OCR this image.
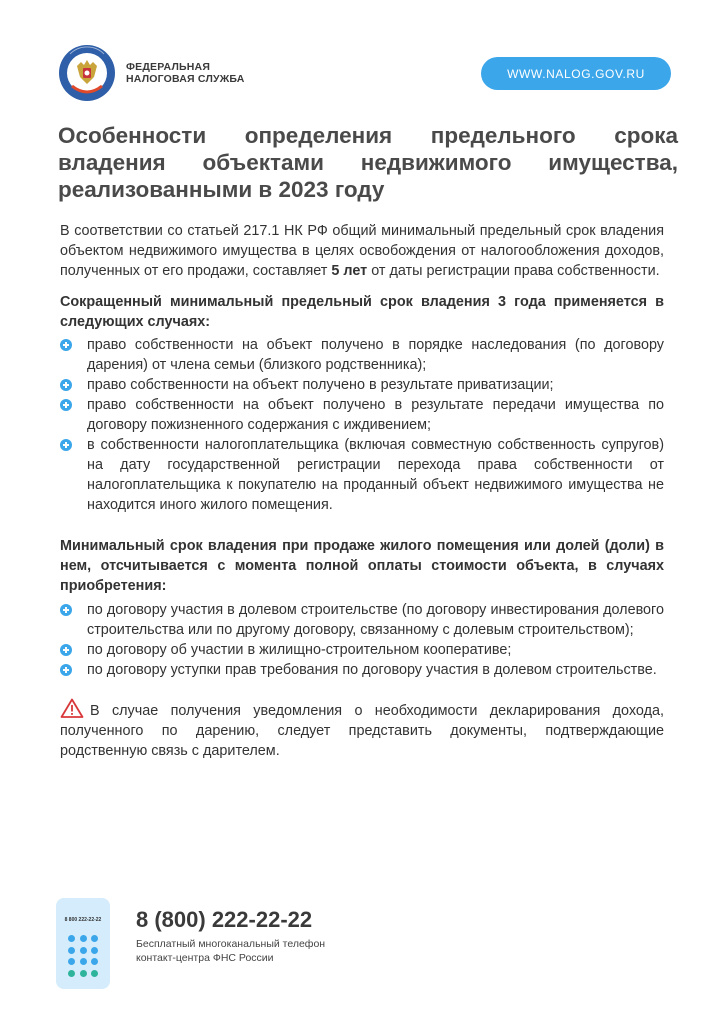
ФЕДЕРАЛЬНАЯ
НАЛОГОВАЯ СЛУЖБА	WWW.NALOG.GOV.RU
Особенности определения предельного срока владения объектами недвижимого имущества, реализованными в 2023 году

В соответствии со статьей 217.1 НК РФ общий минимальный предельный срок владения объектом недвижимого имущества в целях освобождения от налогообложения доходов, полученных от его продажи, составляет 5 лет от даты регистрации права собственности.

Сокращенный минимальный предельный срок владения 3 года применяется в следующих случаях:

право собственности на объект получено в порядке наследования (по договору дарения) от члена семьи (близкого родственника);
право собственности на объект получено в результате приватизации;
право собственности на объект получено в результате передачи имущества по договору пожизненного содержания с иждивением;
в собственности налогоплательщика (включая совместную собственность супругов) на дату государственной регистрации перехода права собственности от налогоплательщика к покупателю на проданный объект недвижимого имущества не находится иного жилого помещения.

Минимальный срок владения при продаже жилого помещения или долей (доли) в нем, отсчитывается с момента полной оплаты стоимости объекта, в случаях приобретения:

по договору участия в долевом строительстве (по договору инвестирования долевого строительства или по другому договору, связанному с долевым строительством);
по договору об участии в жилищно-строительном кооперативе;
по договору уступки прав требования по договору участия в долевом строительстве.

В случае получения уведомления о необходимости декларирования дохода, полученного по дарению, следует представить документы, подтверждающие родственную связь с дарителем.

8 800 222-22-22	8 (800) 222-22-22
Бесплатный многоканальный телефон
контакт-центра ФНС России
